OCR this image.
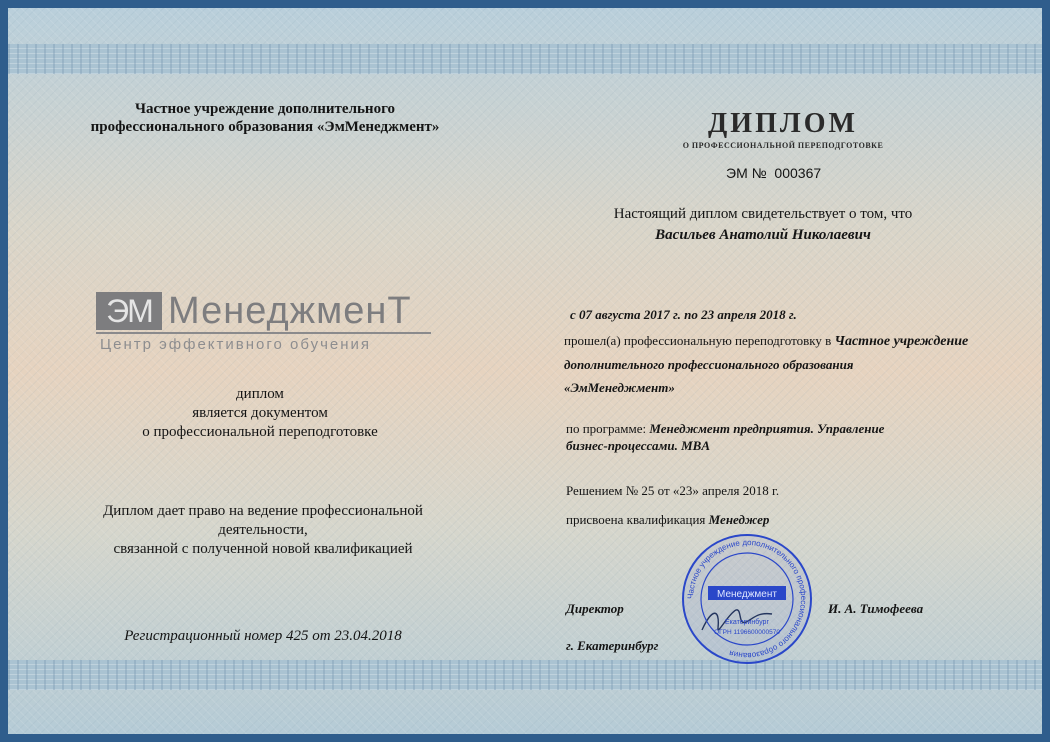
Частное учреждение дополнительного
профессионального образования «ЭмМенеджмент»
ЭМ МенеджменТ
Центр эффективного обучения
диплом
является документом
о профессиональной переподготовке
Диплом дает право на ведение профессиональной
деятельности,
связанной с полученной новой квалификацией
Регистрационный номер 425 от 23.04.2018
ДИПЛОМ
О ПРОФЕССИОНАЛЬНОЙ ПЕРЕПОДГОТОВКЕ
ЭМ № 000367
Настоящий диплом свидетельствует о том, что
Васильев Анатолий Николаевич
с 07 августа 2017 г. по 23 апреля 2018 г.
прошел(а) профессиональную переподготовку в Частное учреждение
дополнительного профессионального образования
«ЭмМенеджмент»
по программе: Менеджмент предприятия. Управление
бизнес-процессами. MBA
Решением № 25 от «23» апреля 2018 г.
присвоена квалификация Менеджер
Директор	И. А. Тимофеева
г. Екатеринбург
Частное учреждение дополнительного профессионального образования
Менеджмент
Екатеринбург
ОГРН 1196600000570
